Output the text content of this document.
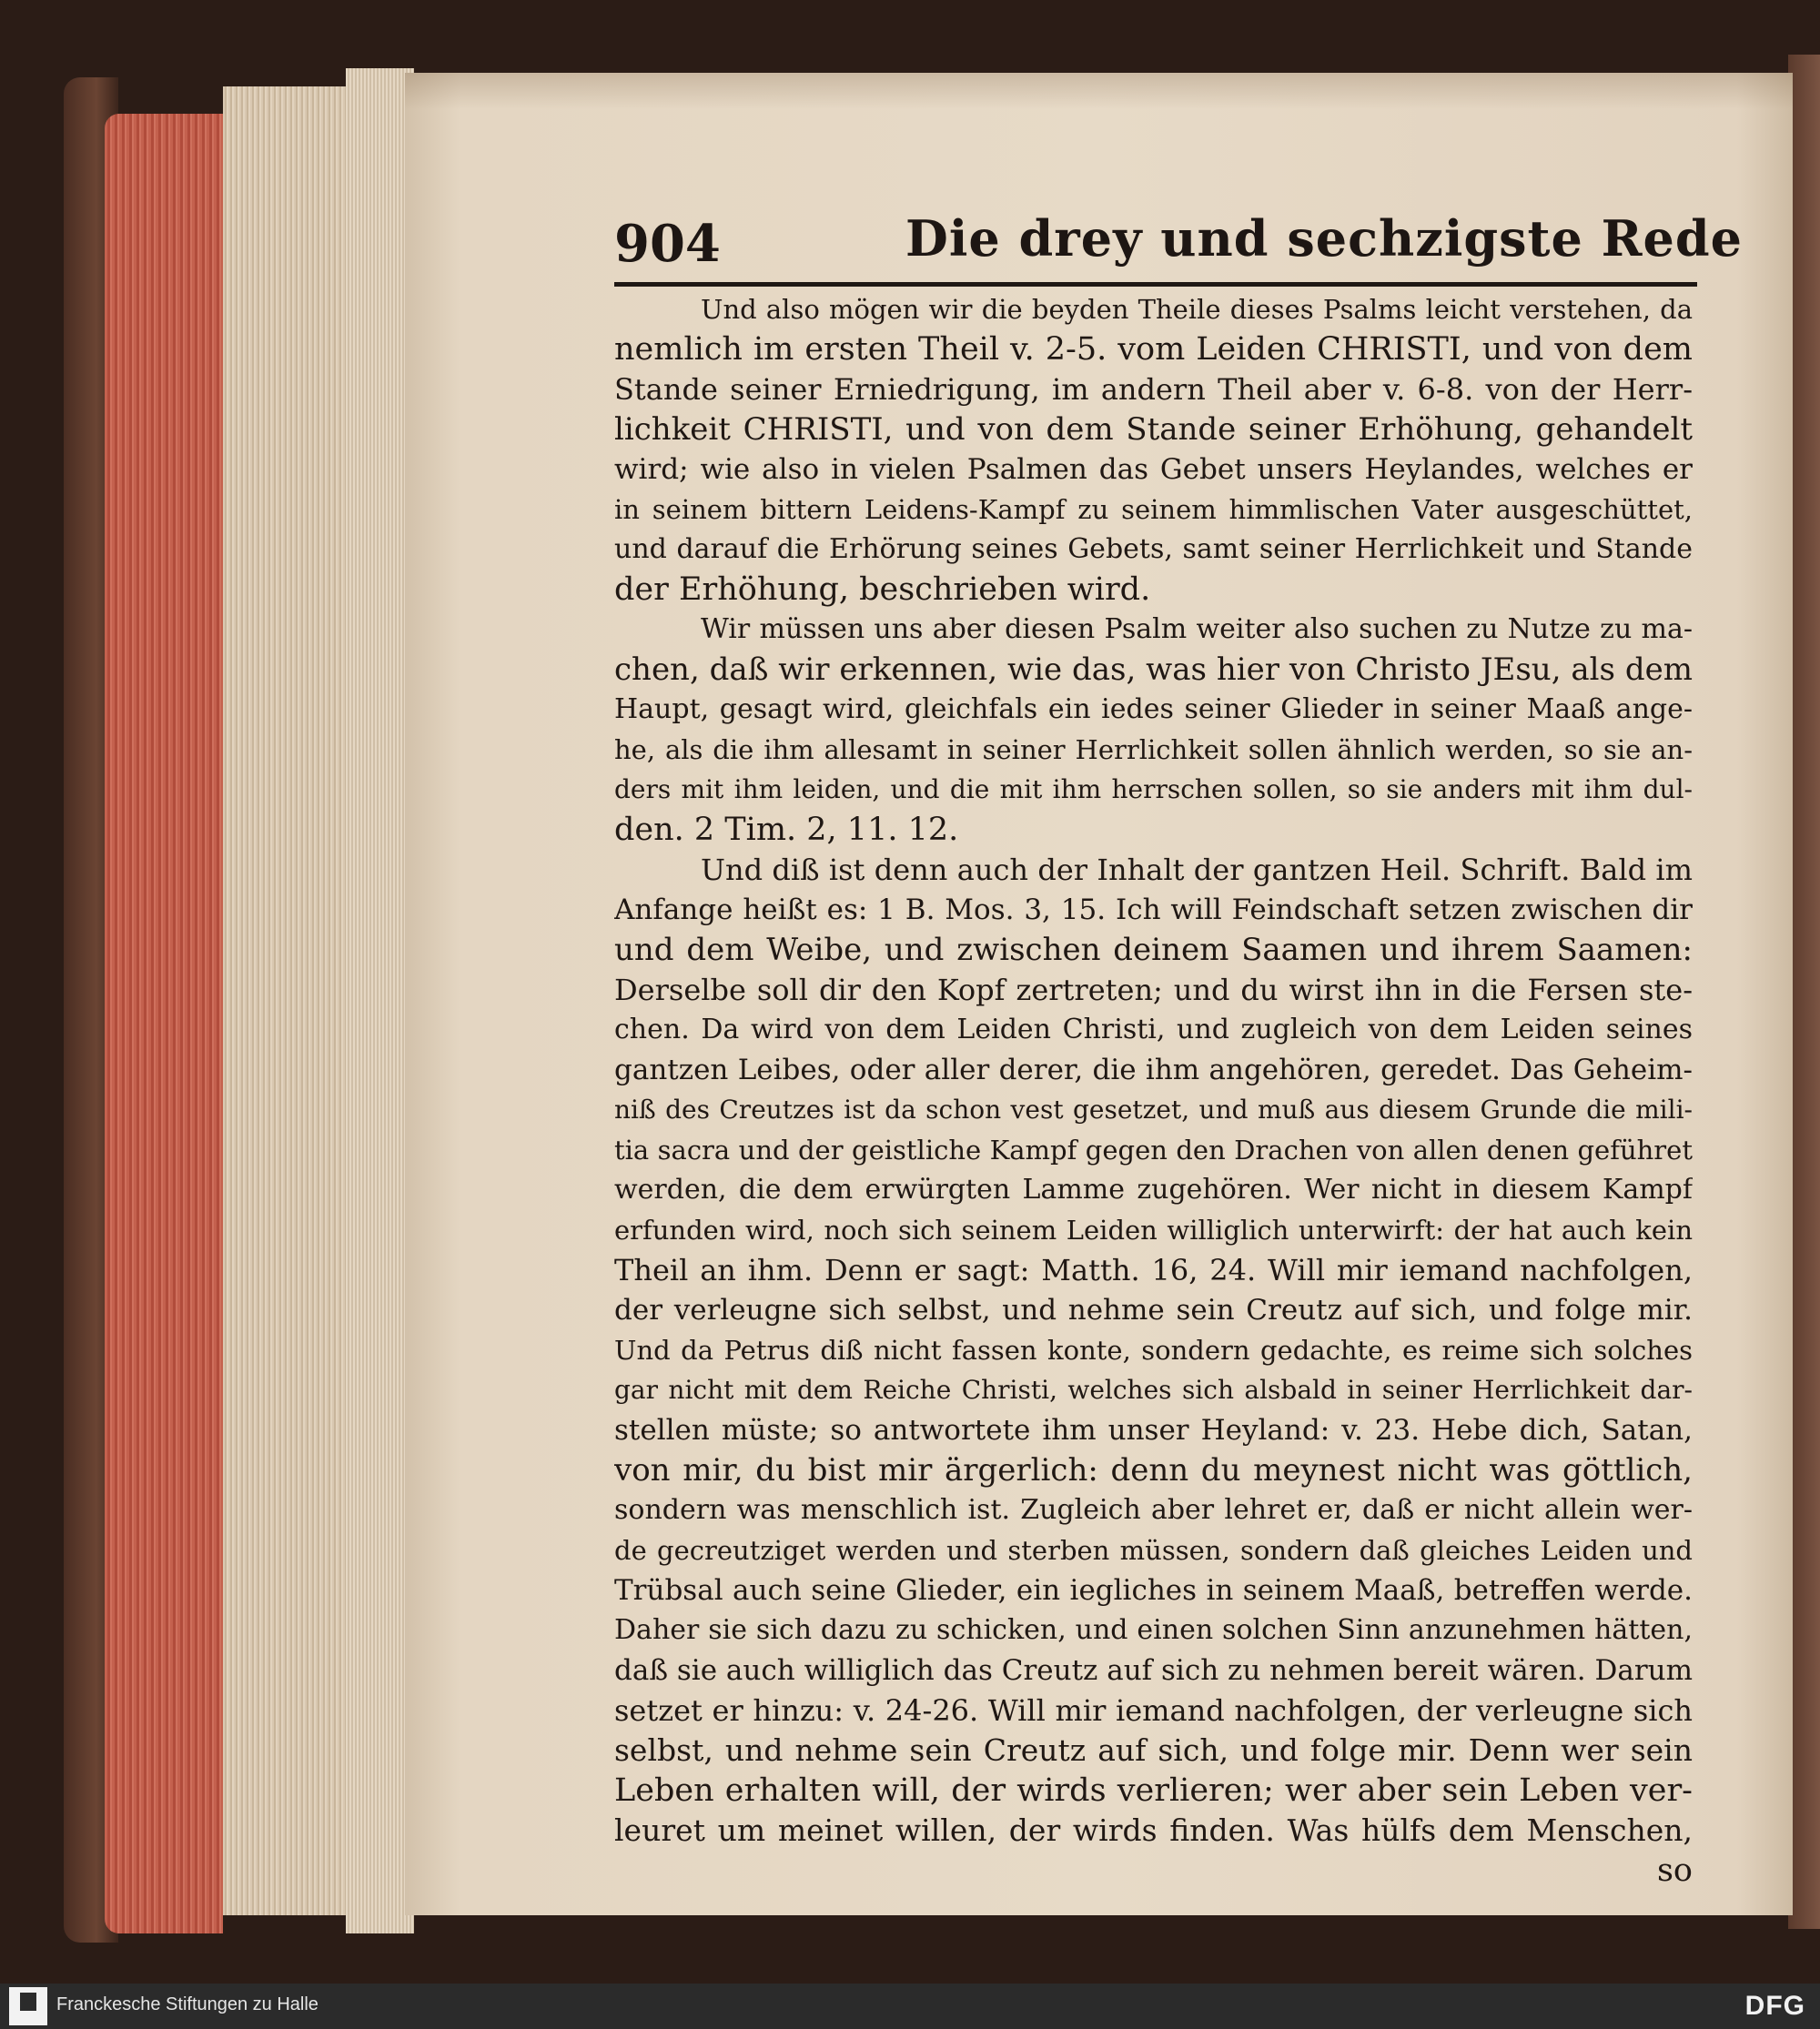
904	Die drey und sechzigste Rede
Und also mögen wir die beyden Theile dieses Psalms leicht verstehen, da
nemlich im ersten Theil v. 2-5. vom Leiden CHRISTI, und von dem
Stande seiner Erniedrigung, im andern Theil aber v. 6-8. von der Herr-
lichkeit CHRISTI, und von dem Stande seiner Erhöhung, gehandelt
wird; wie also in vielen Psalmen das Gebet unsers Heylandes, welches er
in seinem bittern Leidens-Kampf zu seinem himmlischen Vater ausgeschüttet,
und darauf die Erhörung seines Gebets, samt seiner Herrlichkeit und Stande
der Erhöhung, beschrieben wird.
Wir müssen uns aber diesen Psalm weiter also suchen zu Nutze zu ma-
chen, daß wir erkennen, wie das, was hier von Christo JEsu, als dem
Haupt, gesagt wird, gleichfals ein iedes seiner Glieder in seiner Maaß ange-
he, als die ihm allesamt in seiner Herrlichkeit sollen ähnlich werden, so sie an-
ders mit ihm leiden, und die mit ihm herrschen sollen, so sie anders mit ihm dul-
den. 2 Tim. 2, 11. 12.
Und diß ist denn auch der Inhalt der gantzen Heil. Schrift. Bald im
Anfange heißt es: 1 B. Mos. 3, 15. Ich will Feindschaft setzen zwischen dir
und dem Weibe, und zwischen deinem Saamen und ihrem Saamen:
Derselbe soll dir den Kopf zertreten; und du wirst ihn in die Fersen ste-
chen. Da wird von dem Leiden Christi, und zugleich von dem Leiden seines
gantzen Leibes, oder aller derer, die ihm angehören, geredet. Das Geheim-
niß des Creutzes ist da schon vest gesetzet, und muß aus diesem Grunde die mili-
tia sacra und der geistliche Kampf gegen den Drachen von allen denen geführet
werden, die dem erwürgten Lamme zugehören. Wer nicht in diesem Kampf
erfunden wird, noch sich seinem Leiden williglich unterwirft: der hat auch kein
Theil an ihm. Denn er sagt: Matth. 16, 24. Will mir iemand nachfolgen,
der verleugne sich selbst, und nehme sein Creutz auf sich, und folge mir.
Und da Petrus diß nicht fassen konte, sondern gedachte, es reime sich solches
gar nicht mit dem Reiche Christi, welches sich alsbald in seiner Herrlichkeit dar-
stellen müste; so antwortete ihm unser Heyland: v. 23. Hebe dich, Satan,
von mir, du bist mir ärgerlich: denn du meynest nicht was göttlich,
sondern was menschlich ist. Zugleich aber lehret er, daß er nicht allein wer-
de gecreutziget werden und sterben müssen, sondern daß gleiches Leiden und
Trübsal auch seine Glieder, ein iegliches in seinem Maaß, betreffen werde.
Daher sie sich dazu zu schicken, und einen solchen Sinn anzunehmen hätten,
daß sie auch williglich das Creutz auf sich zu nehmen bereit wären. Darum
setzet er hinzu: v. 24-26. Will mir iemand nachfolgen, der verleugne sich
selbst, und nehme sein Creutz auf sich, und folge mir. Denn wer sein
Leben erhalten will, der wirds verlieren; wer aber sein Leben ver-
leuret um meinet willen, der wirds finden. Was hülfs dem Menschen,
so
Franckesche Stiftungen zu Halle	DFG
